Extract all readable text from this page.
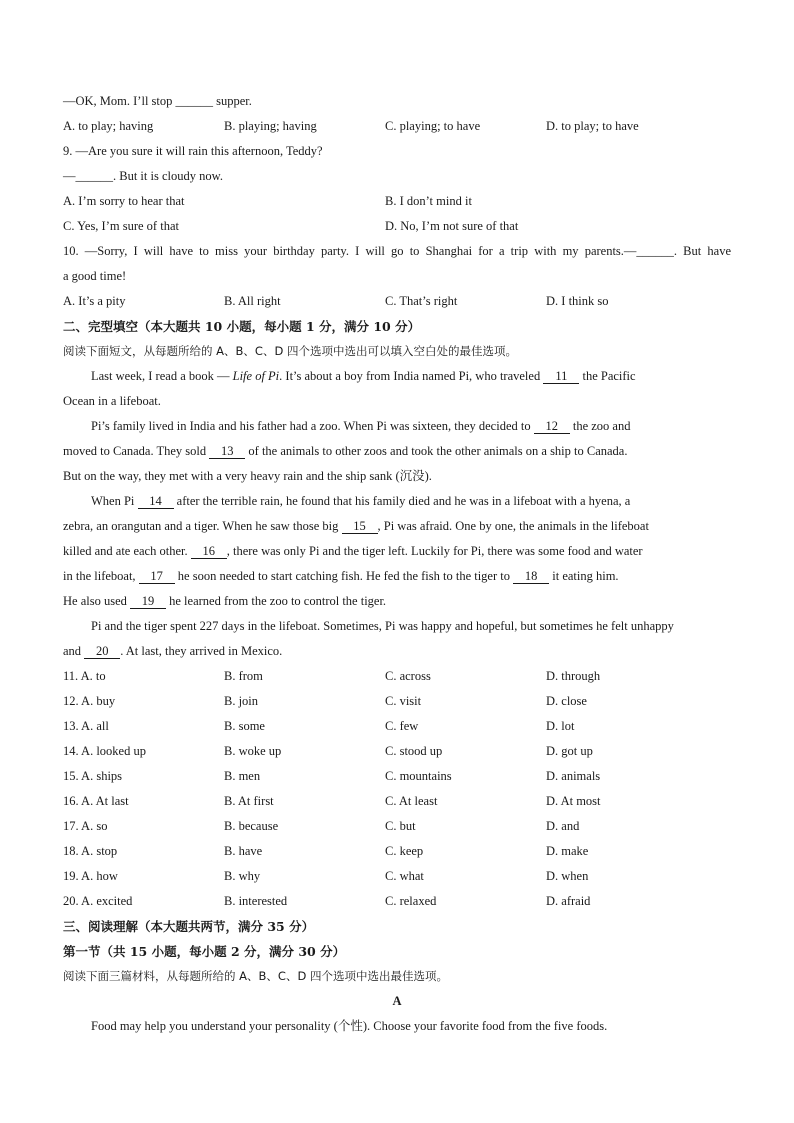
—OK, Mom. I’ll stop ______ supper.
A. to play; having	B. playing; having	C. playing; to have	D. to play; to have
9. —Are you sure it will rain this afternoon, Teddy?
—______. But it is cloudy now.
A. I’m sorry to hear that	B. I don’t mind it
C. Yes, I’m sure of that	D. No, I’m not sure of that
10. —Sorry, I will have to miss your birthday party. I will go to Shanghai for a trip with my parents.—______. But have
a good time!
A. It’s a pity	B. All right	C. That’s right	D. I think so
二、完型填空（本大题共 10 小题，每小题 1 分，满分 10 分）
阅读下面短文，从每题所给的 A、B、C、D 四个选项中选出可以填入空白处的最佳选项。
Last week, I read a book — Life of Pi. It’s about a boy from India named Pi, who traveled 11 the Pacific
Ocean in a lifeboat.
Pi’s family lived in India and his father had a zoo. When Pi was sixteen, they decided to 12 the zoo and
moved to Canada. They sold 13 of the animals to other zoos and took the other animals on a ship to Canada.
But on the way, they met with a very heavy rain and the ship sank (沉没).
When Pi 14 after the terrible rain, he found that his family died and he was in a lifeboat with a hyena, a
zebra, an orangutan and a tiger. When he saw those big 15 , Pi was afraid. One by one, the animals in the lifeboat
killed and ate each other. 16 , there was only Pi and the tiger left. Luckily for Pi, there was some food and water
in the lifeboat, 17 he soon needed to start catching fish. He fed the fish to the tiger to 18 it eating him.
He also used 19 he learned from the zoo to control the tiger.
Pi and the tiger spent 227 days in the lifeboat. Sometimes, Pi was happy and hopeful, but sometimes he felt unhappy
and 20 . At last, they arrived in Mexico.
11. A. to	B. from	C. across	D. through
12. A. buy	B. join	C. visit	D. close
13. A. all	B. some	C. few	D. lot
14. A. looked up	B. woke up	C. stood up	D. got up
15. A. ships	B. men	C. mountains	D. animals
16. A. At last	B. At first	C. At least	D. At most
17. A. so	B. because	C. but	D. and
18. A. stop	B. have	C. keep	D. make
19. A. how	B. why	C. what	D. when
20. A. excited	B. interested	C. relaxed	D. afraid
三、阅读理解（本大题共两节，满分 35 分）
第一节（共 15 小题，每小题 2 分，满分 30 分）
阅读下面三篇材料，从每题所给的 A、B、C、D 四个选项中选出最佳选项。
A
Food may help you understand your personality (个性). Choose your favorite food from the five foods.
